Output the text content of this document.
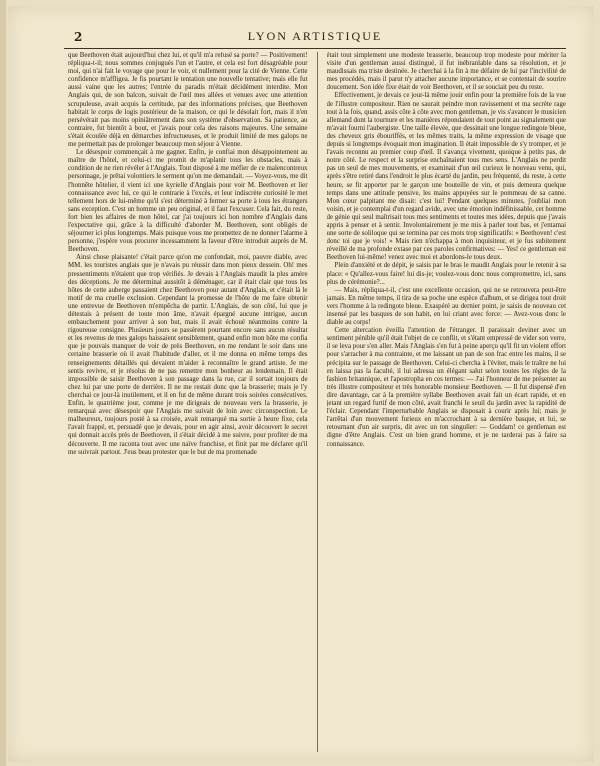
2	LYON ARTISTIQUE

que Beethoven était aujourd'hui chez lui, et qu'il m'a refusé sa porte? — Positivement! répliqua-t-il; nous sommes conjugués l'un et l'autre, et cela est fort désagréable pour moi, qui n'ai fait le voyage que pour le voir, et nullement pour la cité de Vienne. Cette confidence m'affligea. Je fis pourtant le tentation une nouvelle tentative; mais elle fut aussi vaine que les autres; l'entrée du paradis m'était décidément interdite. Mon Anglais qui, de son balcon, suivait de l'œil mes allées et venues avec une attention scrupuleuse, avait acquis la certitude, par des informations précises, que Beethoven habitait le corps de logis postérieur de la maison, ce qui le désolait fort, mais il n'en persévérait pas moins opiniâtrement dans son système d'observation. Sa patience, au contraire, fut bientôt à bout, et j'avais pour cela des raisons majeures. Une semaine s'était écoulée déjà en démarches infructueuses, et le produit limité de mes galops ne me permettait pas de prolonger beaucoup mon séjour à Vienne.

Le désespoir commençait à me gagner. Enfin, je confiai mon désappointement au maître de l'hôtel, et celui-ci me promit de m'aplanir tous les obstacles, mais à condition de ne rien révéler à l'Anglais. Tout disposé à me méfier de ce malencontreux personnage, je prêtai volontiers le serment qu'on me demandait. — Voyez-vous, me dit l'honnête hôtelier, il vient ici une kyrielle d'Anglais pour voir M. Beethoven et lier connaissance avec lui, ce qui le contrarie à l'excès, et leur indiscrète curiosité le met tellement hors de lui-même qu'il s'est déterminé à fermer sa porte à tous les étrangers sans exception. C'est un homme un peu original, et il faut l'excuser. Cela fait, du reste, fort bien les affaires de mon hôtel, car j'ai toujours ici bon nombre d'Anglais dans l'expectative qui, grâce à la difficulté d'aborder M. Beethoven, sont obligés de séjourner ici plus longtemps. Mais puisque vous me promettez de ne donner l'alarme à personne, j'espère vous procurer incessamment la faveur d'être introduit auprès de M. Beethoven.

Ainsi chose plaisante! c'était parce qu'on me confondait, moi, pauvre diable, avec MM. les touristes anglais que je n'avais pu réussir dans mon pieux dessein. Oh! mes pressentiments n'étaient que trop vérifiés. Je devais à l'Anglais maudit la plus amère des déceptions. Je me déterminai aussitôt à déménager, car il était clair que tous les hôtes de cette auberge passaient chez Beethoven pour autant d'Anglais, et c'était là le motif de ma cruelle exclusion. Cependant la promesse de l'hôte de me faire obtenir une entrevue de Beethoven m'empêcha de partir. L'Anglais, de son côté, lui que je détestais à présent de toute mon âme, n'avait épargné aucune intrigue, aucun embauchement pour arriver à son but, mais il avait échoué néanmoins contre la rigoureuse consigne. Plusieurs jours se passèrent pourtant encore sans aucun résultat et les revenus de mes galops baissaient sensiblement, quand enfin mon hôte me confia que je pouvais manquer de voir de près Beethoven, en me rendant le soir dans une certaine brasserie où il avait l'habitude d'aller, et il me donna en même temps des renseignements détaillés qui devaient m'aider à reconnaître le grand artiste. Je me sentis revivre, et je résolus de ne pas remettre mon bonheur au lendemain. Il était impossible de saisir Beethoven à son passage dans la rue, car il sortait toujours de chez lui par une porte de derrière. Il ne me restait donc que la brasserie; mais je l'y cherchai ce jour-là inutilement, et il en fut de même durant trois soirées consécutives. Enfin, le quatrième jour, comme je me dirigeais de nouveau vers la brasserie, je remarquai avec désespoir que l'Anglais me suivait de loin avec circonspection. Le malheureux, toujours posté à sa croisée, avait remarqué ma sortie à heure fixe, cela l'avait frappé, et, persuadé que je devais, pour en agir ainsi, avoir découvert le secret qui donnait accès près de Beethoven, il s'était décidé à me suivre, pour profiter de ma découverte. Il me raconta tout avec une naïve franchise, et finit par me déclarer qu'il me suivrait partout. J'eus beau protester que le but de ma promenade

était tout simplement une modeste brasserie, beaucoup trop modeste pour mériter la visite d'un gentleman aussi distingué, il fut inébranlable dans sa résolution, et je maudissais ma triste destinée. Je cherchai à la fin à me défaire de lui par l'incivilité de mes procédés, mais il parut n'y attacher aucune importance, et se contentait de sourire doucement. Son idée fixe était de voir Beethoven, et il se souciait peu du reste.

Effectivement, je devais ce jour-là même jouir enfin pour la première fois de la vue de l'illustre compositeur. Rien ne saurait peindre mon ravissement et ma secrète rage tout à la fois, quand, assis côte à côte avec mon gentleman, je vis s'avancer le musicien allemand dont la tournure et les manières répondaient de tout point au signalement que m'avait fourni l'aubergiste. Une taille élevée, que dessinait une longue redingote bleue, des cheveux gris ébouriffés, et les mêmes traits, la même expression de visage que depuis si longtemps évoquait mon imagination. Il était impossible de s'y tromper, et je l'avais reconnu au premier coup d'œil. Il s'avança vivement, quoique à petits pas, de notre côté. Le respect et la surprise enchaînaient tous mes sens. L'Anglais ne perdit pas un seul de mes mouvements, et examinait d'un œil curieux le nouveau venu, qui, après s'être retiré dans l'endroit le plus écarté du jardin, peu fréquenté, du reste, à cette heure, se fit apporter par le garçon une bouteille de vin, et puis demeura quelque temps dans une attitude pensive, les mains appuyées sur le pommeau de sa canne. Mon cœur palpitant me disait: c'est lui! Pendant quelques minutes, j'oubliai mon voisin, et je contemplai d'un regard avide, avec une émotion indéfinissable, cet homme de génie qui seul maîtrisait tous mes sentiments et toutes mes idées, depuis que j'avais appris à penser et à sentir. Involontairement je me mis à parler tout bas, et j'entamai une sorte de soliloque qui se termina par ces mots trop significatifs: « Beethoven! c'est donc toi que je vois! » Mais rien n'échappa à mon inquisiteur, et je fus subitement réveillé de ma profonde extase par ces paroles confirmatives: — Yes! ce gentleman est Beethoven lui-même! venez avec moi et abordons-le tous deux.

Plein d'anxiété et de dépit, je saisis par le bras le maudit Anglais pour le retenir à sa place: « Qu'allez-vous faire! lui dis-je; voulez-vous donc nous compromettre, ici, sans plus de cérémonie?...

— Mais, répliqua-t-il, c'est une excellente occasion, qui ne se retrouvera peut-être jamais. En même temps, il tira de sa poche une espèce d'album, et se dirigea tout droit vers l'homme à la redingote bleue. Exaspéré au dernier point, je saisis de nouveau cet insensé par les basques de son habit, en lui criant avec force: — Avez-vous donc le diable au corps!

Cette altercation éveilla l'attention de l'étranger. Il paraissait deviner avec un sentiment pénible qu'il était l'objet de ce conflit, et s'étant empressé de vider son verre, il se leva pour s'en aller. Mais l'Anglais s'en fut à peine aperçu qu'il fit un violent effort pour s'arracher à ma contrainte, et me laissant un pan de son frac entre les mains, il se précipita sur le passage de Beethoven. Celui-ci chercha à l'éviter, mais le traître ne lui en laissa pas la faculté, il lui adressa un élégant salut selon toutes les règles de la fashion britannique, et l'apostropha en ces termes: — J'ai l'honneur de me présenter au très illustre compositeur et très honorable monsieur Beethoven. — Il fut dispensé d'en dire davantage, car à la première syllabe Beethoven avait fait un écart rapide, et en jetant un regard furtif de mon côté, avait franchi le seuil du jardin avec la rapidité de l'éclair. Cependant l'imperturbable Anglais se disposait à courir après lui; mais je l'arrêtai d'un mouvement furieux en m'accrochant à sa dernière basque, et lui, se retournant d'un air surpris, dit avec un ton singulier: — Goddam! ce gentleman est digne d'être Anglais. C'est un bien grand homme, et je ne tarderai pas à faire sa connaissance.
